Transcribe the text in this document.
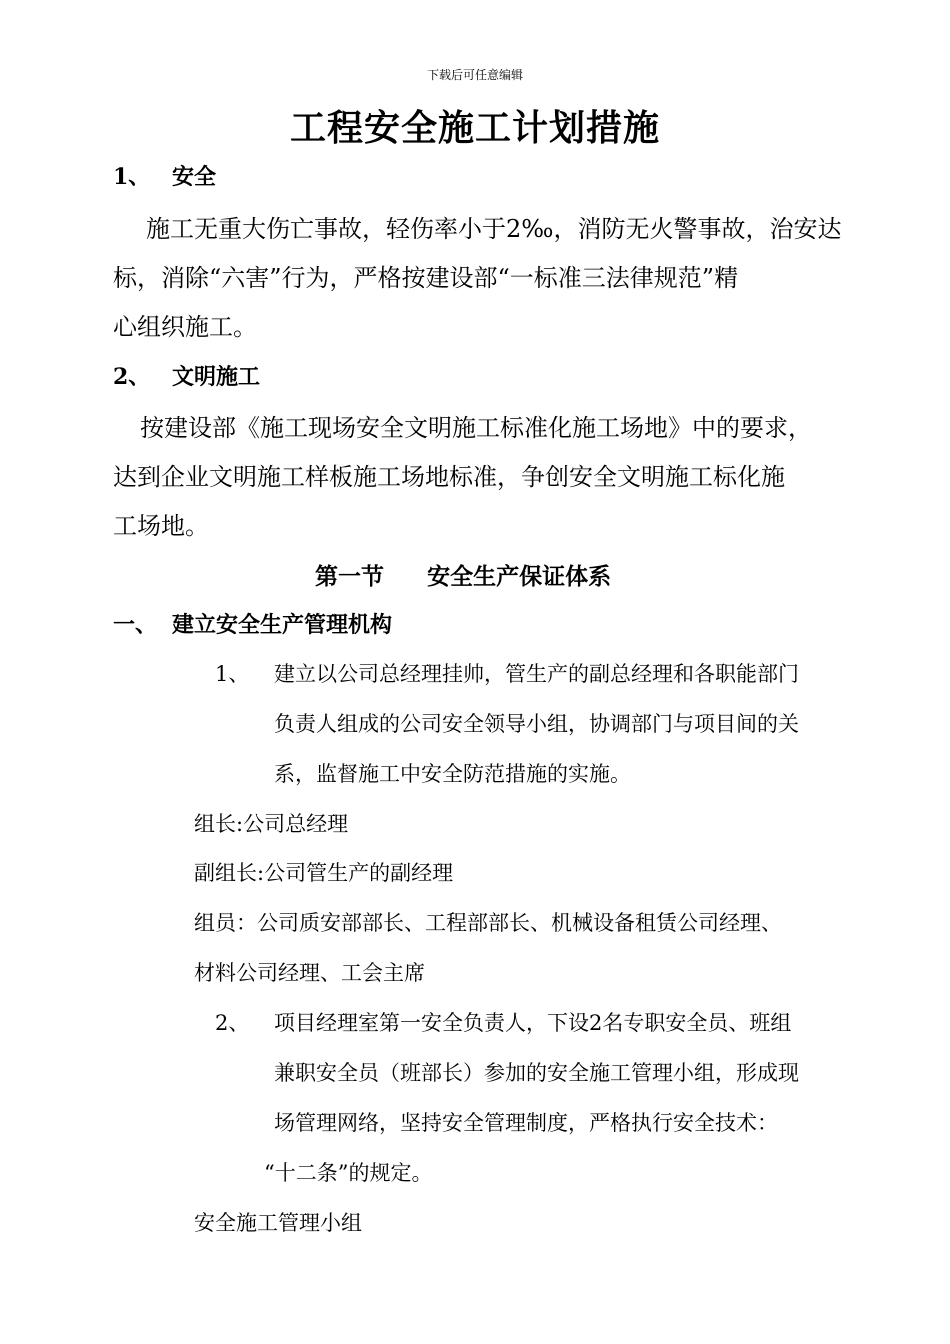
下载后可任意编辑
工程安全施工计划措施
1、 安全
施工无重大伤亡事故，轻伤率小于2‰，消防无火警事故，治安达
标，消除“六害”行为，严格按建设部“一标准三法律规范”精
心组织施工。
2、 文明施工
按建设部《施工现场安全文明施工标准化施工场地》中的要求，
达到企业文明施工样板施工场地标准，争创安全文明施工标化施
工场地。
第一节 安全生产保证体系
一、 建立安全生产管理机构
1、 建立以公司总经理挂帅，管生产的副总经理和各职能部门
负责人组成的公司安全领导小组，协调部门与项目间的关
系，监督施工中安全防范措施的实施。
组长:公司总经理
副组长:公司管生产的副经理
组员：公司质安部部长、工程部部长、机械设备租赁公司经理、
材料公司经理、工会主席
2、 项目经理室第一安全负责人，下设2名专职安全员、班组
兼职安全员（班部长）参加的安全施工管理小组，形成现
场管理网络，坚持安全管理制度，严格执行安全技术：
“十二条”的规定。
安全施工管理小组
